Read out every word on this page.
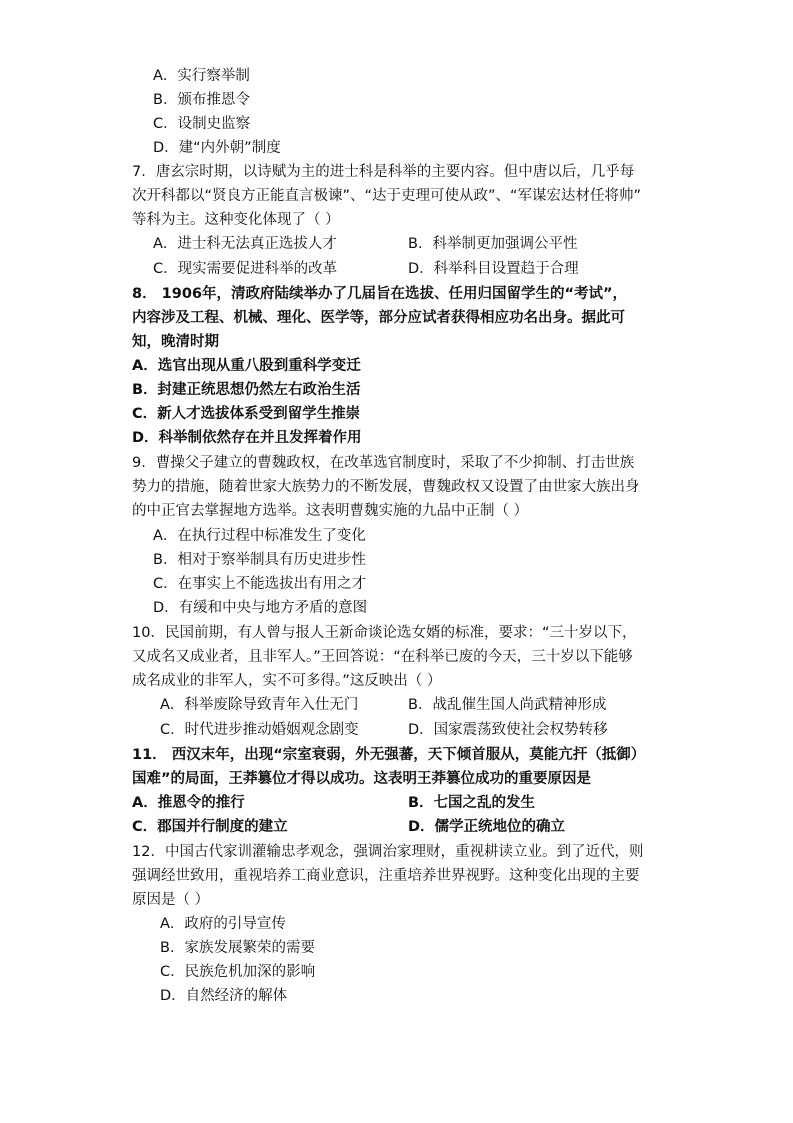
A．实行察举制
B．颁布推恩令
C．设制史监察
D．建“内外朝”制度
7．唐玄宗时期，以诗赋为主的进士科是科举的主要内容。但中唐以后，几乎每
次开科都以“贤良方正能直言极谏”、“达于吏理可使从政”、“军谋宏达材任将帅”
等科为主。这种变化体现了（ ）
A．进士科无法真正选拔人才	B．科举制更加强调公平性
C．现实需要促进科举的改革	D．科举科目设置趋于合理
8． 1906年，清政府陆续举办了几届旨在选拔、任用归国留学生的“考试”，
内容涉及工程、机械、理化、医学等，部分应试者获得相应功名出身。据此可
知，晚清时期
A．选官出现从重八股到重科学变迁
B．封建正统思想仍然左右政治生活
C．新人才选拔体系受到留学生推崇
D．科举制依然存在并且发挥着作用
9．曹操父子建立的曹魏政权，在改革选官制度时，采取了不少抑制、打击世族
势力的措施，随着世家大族势力的不断发展，曹魏政权又设置了由世家大族出身
的中正官去掌握地方选举。这表明曹魏实施的九品中正制（ ）
A．在执行过程中标准发生了变化
B．相对于察举制具有历史进步性
C．在事实上不能选拔出有用之才
D．有缓和中央与地方矛盾的意图
10．民国前期，有人曾与报人王新命谈论选女婿的标准，要求：“三十岁以下，
又成名又成业者，且非军人。”王回答说：“在科举已废的今天，三十岁以下能够
成名成业的非军人，实不可多得。”这反映出（ ）
A．科举废除导致青年入仕无门	B．战乱催生国人尚武精神形成
C．时代进步推动婚姻观念剧变	D．国家震荡致使社会权势转移
11． 西汉末年，出现“宗室衰弱，外无强蕃，天下倾首服从，莫能亢扞（抵御）
国难”的局面，王莽篡位才得以成功。这表明王莽篡位成功的重要原因是
A．推恩令的推行	B．七国之乱的发生
C．郡国并行制度的建立	D．儒学正统地位的确立
12．中国古代家训灌输忠孝观念，强调治家理财，重视耕读立业。到了近代，则
强调经世致用，重视培养工商业意识，注重培养世界视野。这种变化出现的主要
原因是（ ）
A．政府的引导宣传
B．家族发展繁荣的需要
C．民族危机加深的影响
D．自然经济的解体
